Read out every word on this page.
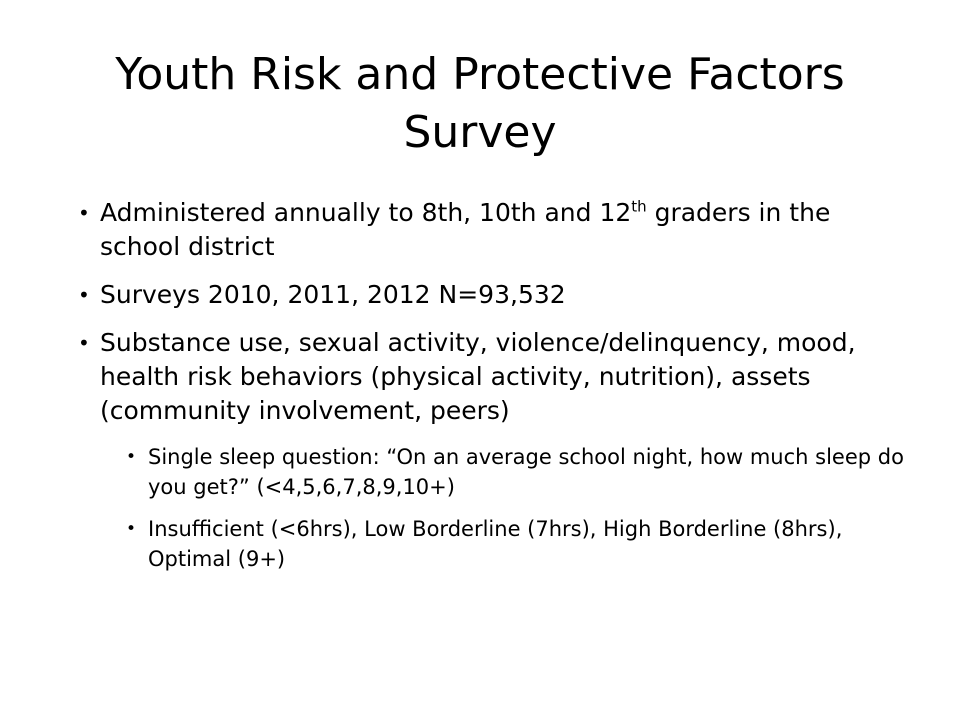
Youth Risk and Protective Factors Survey
• Administered annually to 8th, 10th and 12th graders in the school district
• Surveys 2010, 2011, 2012 N=93,532
• Substance use, sexual activity, violence/delinquency, mood, health risk behaviors (physical activity, nutrition), assets (community involvement, peers)
• Single sleep question: “On an average school night, how much sleep do you get?” (<4,5,6,7,8,9,10+)
• Insufficient (<6hrs), Low Borderline (7hrs), High Borderline (8hrs), Optimal (9+)
